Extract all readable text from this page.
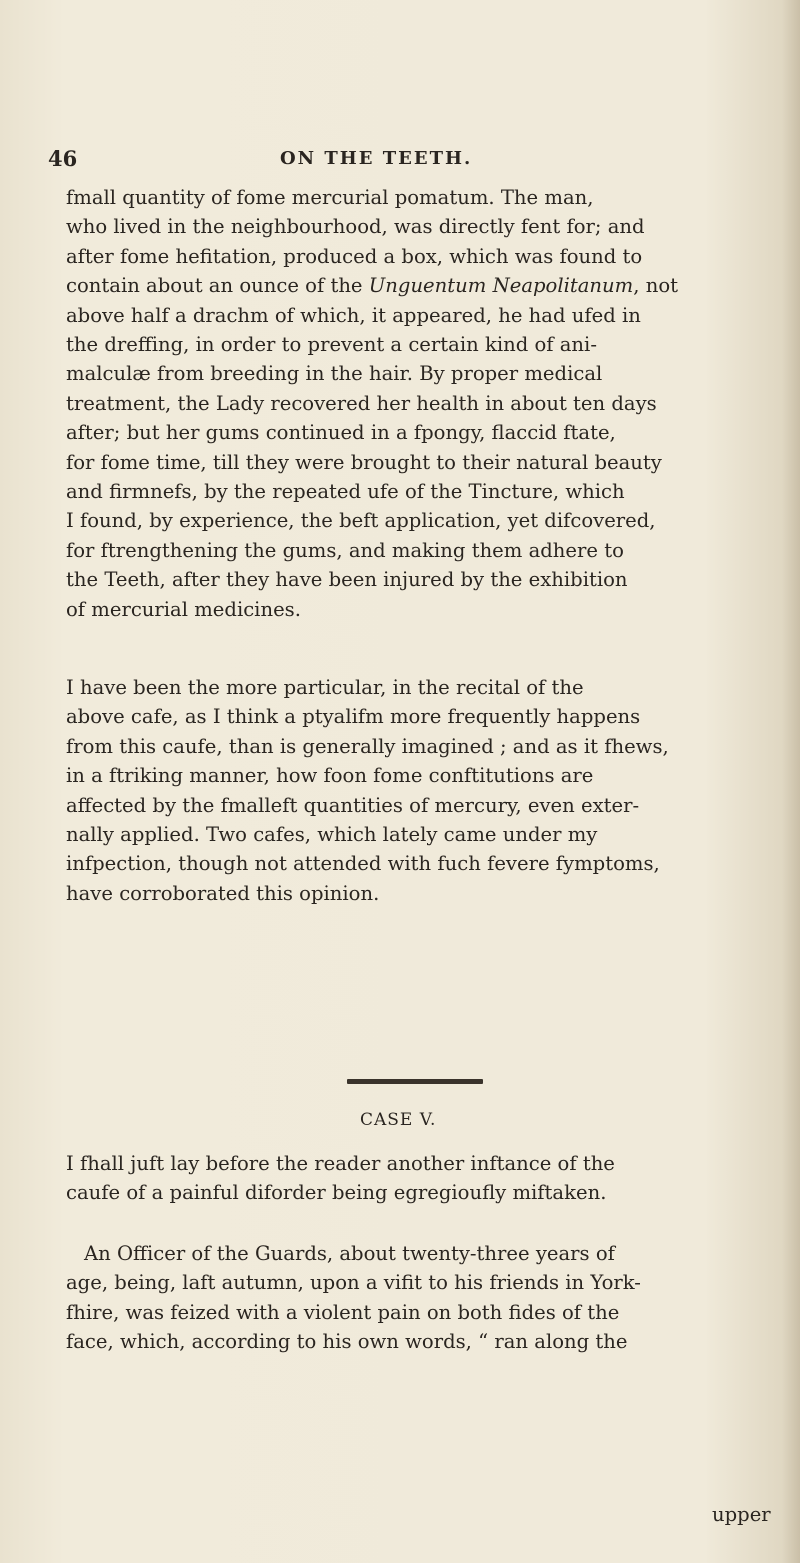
46	ON THE TEETH.
fmall quantity of fome mercurial pomatum. The man,
who lived in the neighbourhood, was directly fent for; and
after fome hefitation, produced a box, which was found to
contain about an ounce of the Unguentum Neapolitanum, not
above half a drachm of which, it appeared, he had ufed in
the dreffing, in order to prevent a certain kind of ani-
malculæ from breeding in the hair. By proper medical
treatment, the Lady recovered her health in about ten days
after; but her gums continued in a fpongy, flaccid ftate,
for fome time, till they were brought to their natural beauty
and firmnefs, by the repeated ufe of the Tincture, which
I found, by experience, the beft application, yet difcovered,
for ftrengthening the gums, and making them adhere to
the Teeth, after they have been injured by the exhibition
of mercurial medicines.
I have been the more particular, in the recital of the
above cafe, as I think a ptyalifm more frequently happens
from this caufe, than is generally imagined ; and as it fhews,
in a ftriking manner, how foon fome conftitutions are
affected by the fmalleft quantities of mercury, even exter-
nally applied. Two cafes, which lately came under my
infpection, though not attended with fuch fevere fymptoms,
have corroborated this opinion.
CASE V.
I fhall juft lay before the reader another inftance of the
caufe of a painful diforder being egregioufly miftaken.
An Officer of the Guards, about twenty-three years of
age, being, laft autumn, upon a vifit to his friends in York-
fhire, was feized with a violent pain on both fides of the
face, which, according to his own words, “ ran along the
upper
